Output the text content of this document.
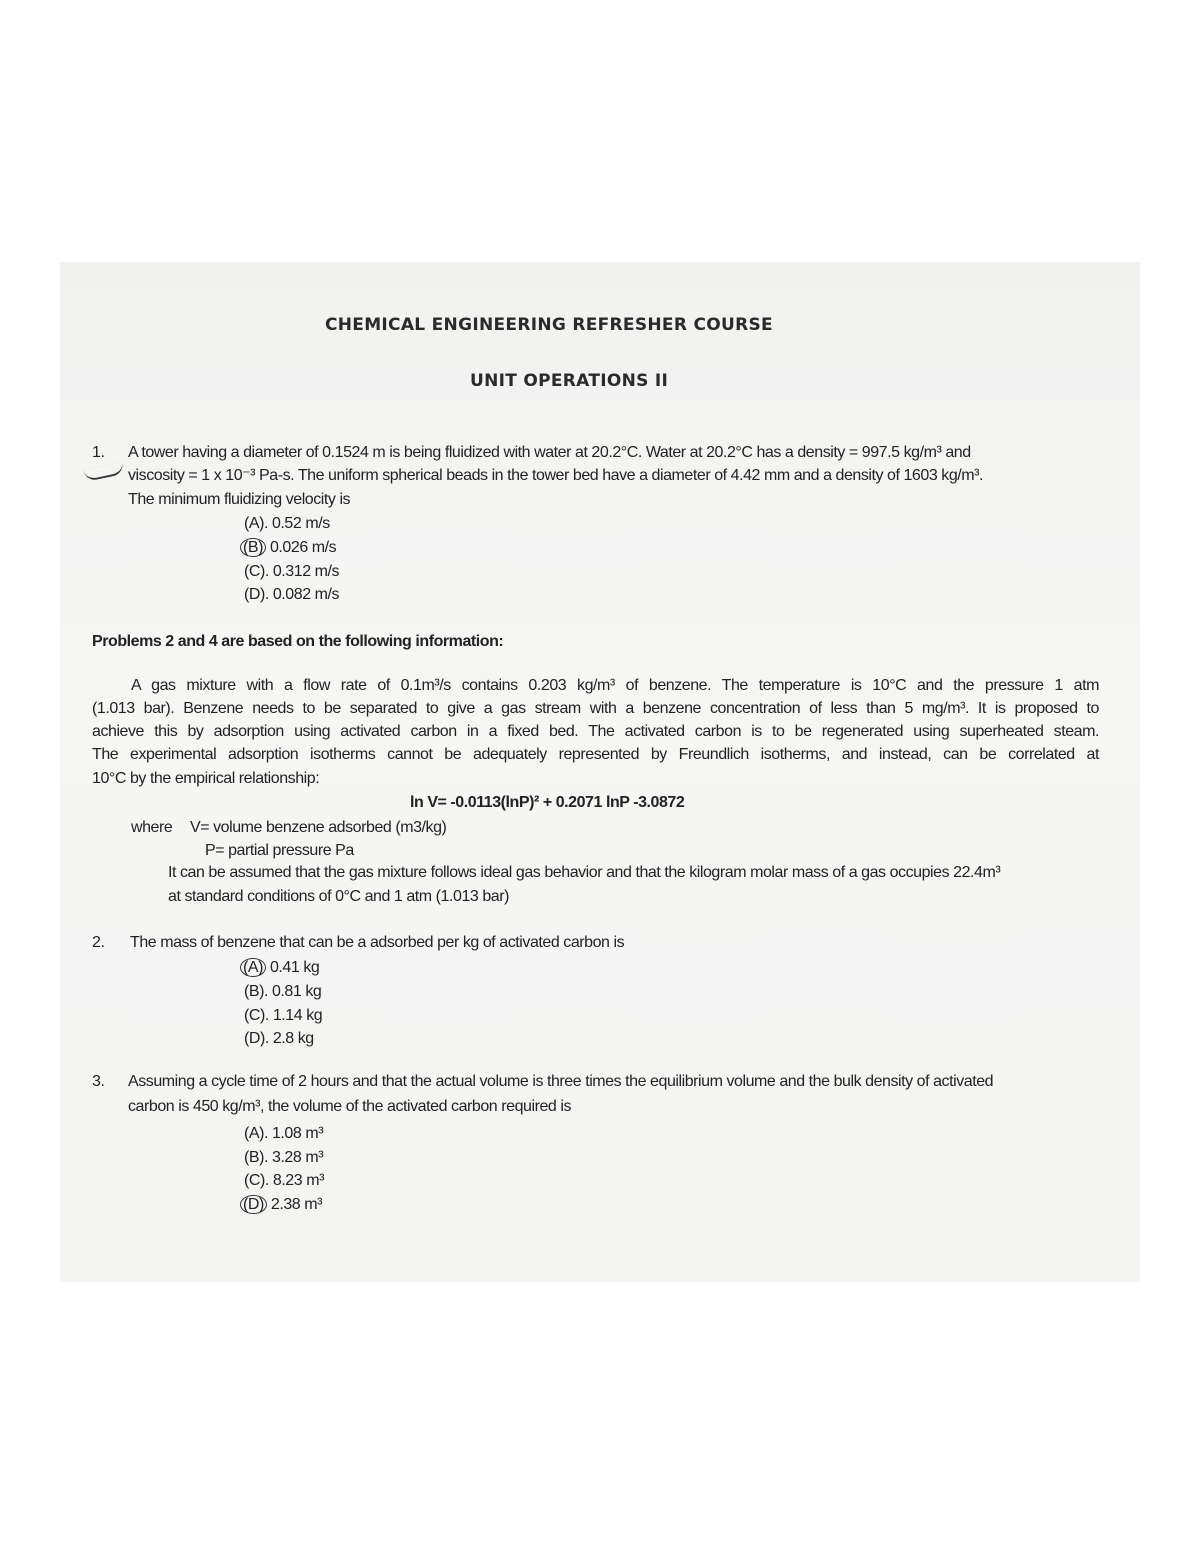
CHEMICAL ENGINEERING REFRESHER COURSE
UNIT OPERATIONS II
1. A tower having a diameter of 0.1524 m is being fluidized with water at 20.2°C. Water at 20.2°C has a density = 997.5 kg/m³ and
viscosity = 1 x 10⁻³ Pa-s. The uniform spherical beads in the tower bed have a diameter of 4.42 mm and a density of 1603 kg/m³.
The minimum fluidizing velocity is
(A). 0.52 m/s
(B) 0.026 m/s
(C). 0.312 m/s
(D). 0.082 m/s
Problems 2 and 4 are based on the following information:
A gas mixture with a flow rate of 0.1m³/s contains 0.203 kg/m³ of benzene. The temperature is 10°C and the pressure 1 atm
(1.013 bar). Benzene needs to be separated to give a gas stream with a benzene concentration of less than 5 mg/m³. It is proposed to
achieve this by adsorption using activated carbon in a fixed bed. The activated carbon is to be regenerated using superheated steam.
The experimental adsorption isotherms cannot be adequately represented by Freundlich isotherms, and instead, can be correlated at
10°C by the empirical relationship:
ln V= -0.0113(lnP)² + 0.2071 lnP -3.0872
where V= volume benzene adsorbed (m3/kg)
P= partial pressure Pa
It can be assumed that the gas mixture follows ideal gas behavior and that the kilogram molar mass of a gas occupies 22.4m³
at standard conditions of 0°C and 1 atm (1.013 bar)
2. The mass of benzene that can be a adsorbed per kg of activated carbon is
(A) 0.41 kg
(B). 0.81 kg
(C). 1.14 kg
(D). 2.8 kg
3. Assuming a cycle time of 2 hours and that the actual volume is three times the equilibrium volume and the bulk density of activated
carbon is 450 kg/m³, the volume of the activated carbon required is
(A). 1.08 m³
(B). 3.28 m³
(C). 8.23 m³
(D) 2.38 m³
